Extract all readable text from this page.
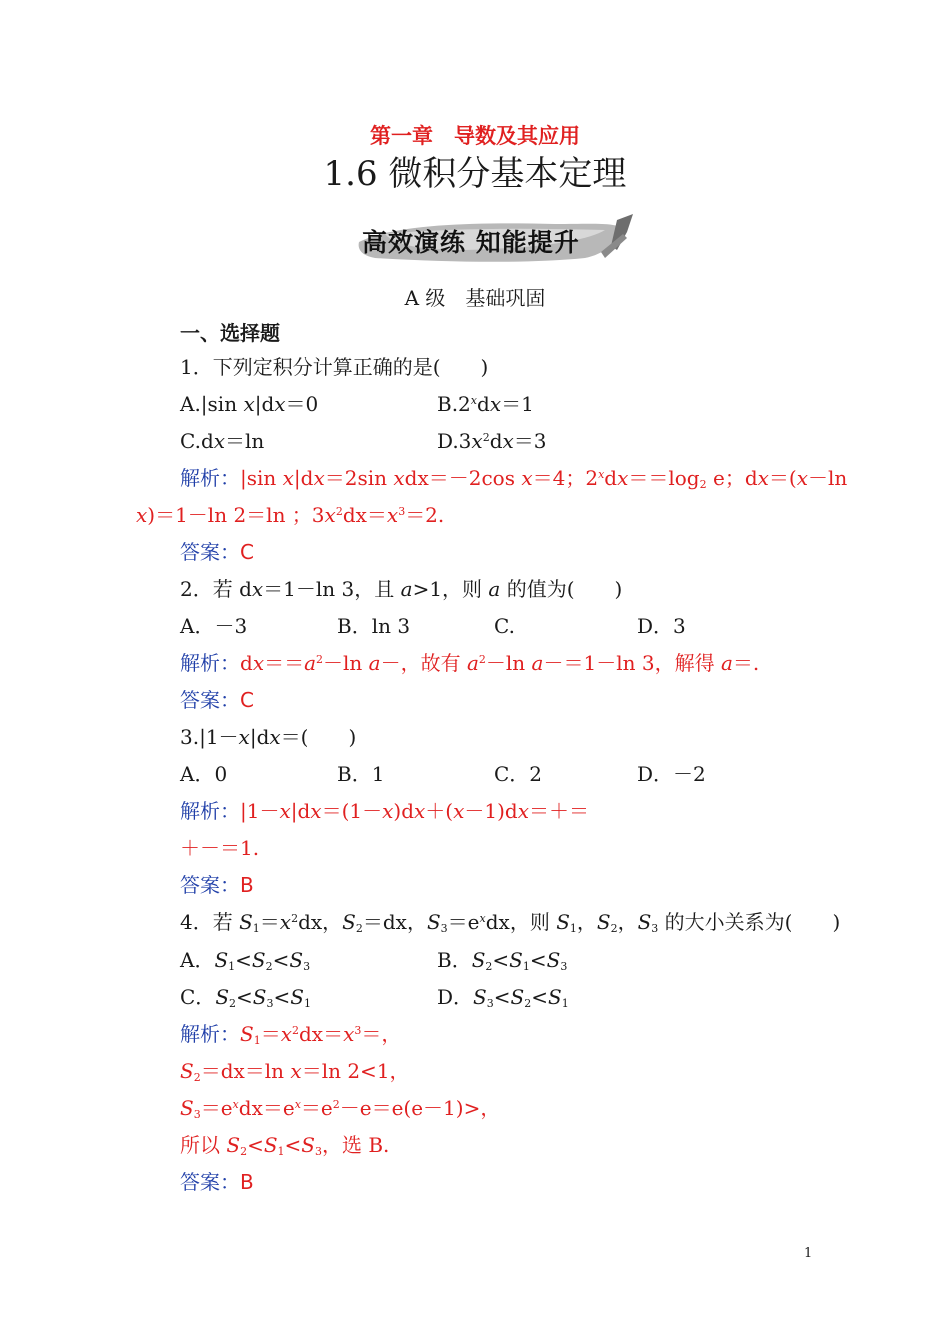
第一章　导数及其应用
1.6 微积分基本定理
高效演练 知能提升
A 级　基础巩固
一、选择题
1．下列定积分计算正确的是(　　)
A.|sin x|dx＝0	$B.2^xdx=1$
C.dx＝ln	$D.3x^2dx=3$
解析：|sin x|dx＝2sin xdx＝－2cos x＝4；$2^xdx==\log_2$ e；dx＝(x－ln
x)＝1－ln 2＝ln ；$3x^2dx=x^3=2$.
答案：C
2．若 dx＝1－ln 3，且 a>1，则 a 的值为(　　)
A．－3	B．ln 3	C.	D．3
解析：$dx==a^2-\ln$ a－，故有 $a^2-\ln$ a－＝1－ln 3，解得 a＝.
答案：C
3.|1－x|dx＝(　　)
A．0	B．1	C．2	D．－2
解析：|1－x|dx＝(1－x)dx＋(x－1)dx＝＋＝
＋－＝1.
答案：B
4．若 $S_1=x^2dx$，$S_2=dx$，$S_3=e^xdx$，则 $S_1$，$S_2$，$S_3$ 的大小关系为(　　)
A．$S_1<S_2<S_3$	B．$S_2<S_1<S_3$
C．$S_2<S_3<S_1$	D．$S_3<S_2<S_1$
解析：$S_1=x^2dx=x^3=$，
$S_2=dx=\ln$ x＝ln 2<1，
$S_3=e^xdx=e^x=e^2-e=e(e-1)>$，
所以 $S_2<S_1<S_3$，选 B.
答案：B
1
